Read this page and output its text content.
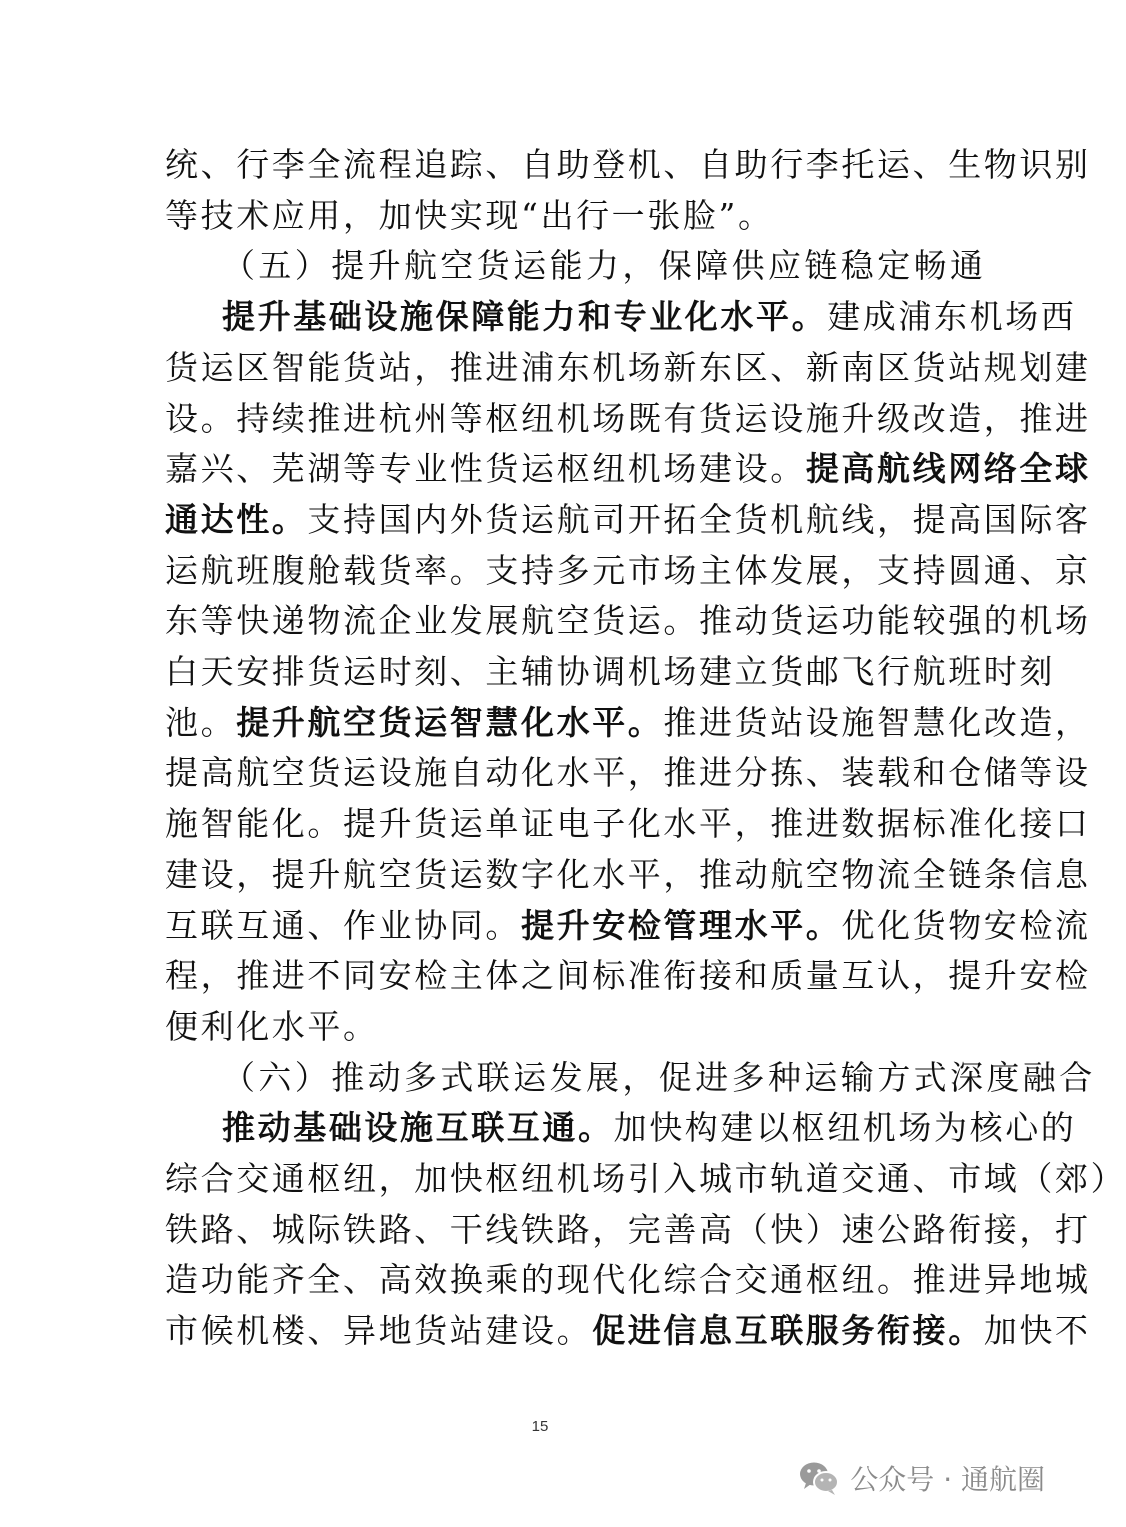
统、行李全流程追踪、自助登机、自助行李托运、生物识别
等技术应用，加快实现“出行一张脸”。
（五）提升航空货运能力，保障供应链稳定畅通
提升基础设施保障能力和专业化水平。建成浦东机场西
货运区智能货站，推进浦东机场新东区、新南区货站规划建
设。持续推进杭州等枢纽机场既有货运设施升级改造，推进
嘉兴、芜湖等专业性货运枢纽机场建设。提高航线网络全球
通达性。支持国内外货运航司开拓全货机航线，提高国际客
运航班腹舱载货率。支持多元市场主体发展，支持圆通、京
东等快递物流企业发展航空货运。推动货运功能较强的机场
白天安排货运时刻、主辅协调机场建立货邮飞行航班时刻
池。提升航空货运智慧化水平。推进货站设施智慧化改造，
提高航空货运设施自动化水平，推进分拣、装载和仓储等设
施智能化。提升货运单证电子化水平，推进数据标准化接口
建设，提升航空货运数字化水平，推动航空物流全链条信息
互联互通、作业协同。提升安检管理水平。优化货物安检流
程，推进不同安检主体之间标准衔接和质量互认，提升安检
便利化水平。
（六）推动多式联运发展，促进多种运输方式深度融合
推动基础设施互联互通。加快构建以枢纽机场为核心的
综合交通枢纽，加快枢纽机场引入城市轨道交通、市域（郊）
铁路、城际铁路、干线铁路，完善高（快）速公路衔接，打
造功能齐全、高效换乘的现代化综合交通枢纽。推进异地城
市候机楼、异地货站建设。促进信息互联服务衔接。加快不
15
公众号 · 通航圈
